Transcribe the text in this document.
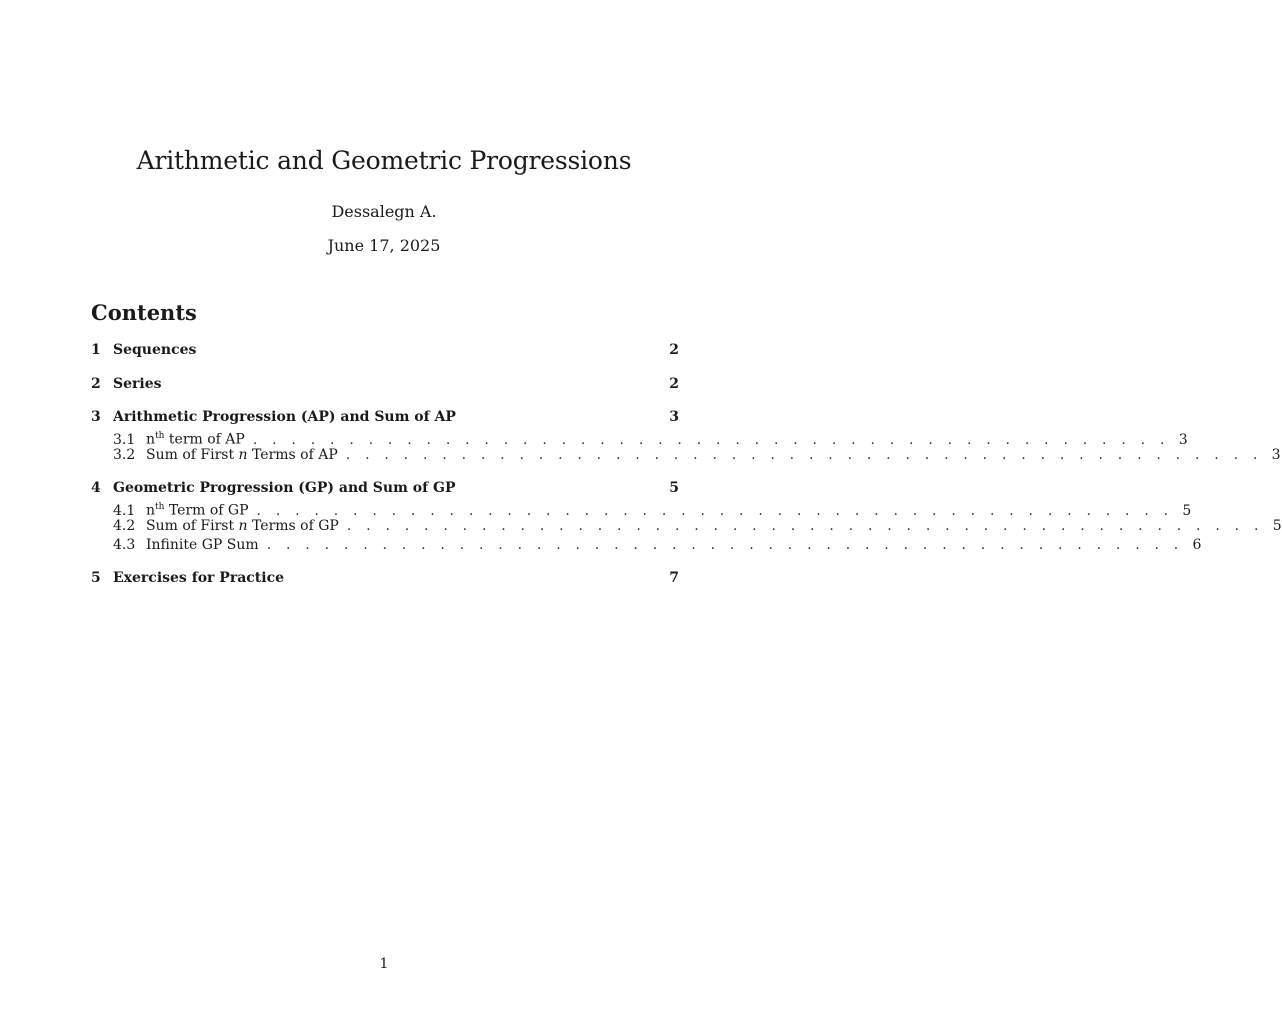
Arithmetic and Geometric Progressions
Dessalegn A.
June 17, 2025
Contents
1 Sequences	2
2 Series	2
3 Arithmetic Progression (AP) and Sum of AP	3
3.1 $n^{th}$ term of AP . . . . . . . . . . . . . . . . . . . . . . . . . . . . . . . . . . . . . . . . . . . . . . . . 3
3.2 Sum of First n Terms of AP . . . . . . . . . . . . . . . . . . . . . . . . . . . . . . . . . . . . . . . . . . . . . . . . 3
4 Geometric Progression (GP) and Sum of GP	5
4.1 $n^{th}$ Term of GP . . . . . . . . . . . . . . . . . . . . . . . . . . . . . . . . . . . . . . . . . . . . . . . . 5
4.2 Sum of First n Terms of GP . . . . . . . . . . . . . . . . . . . . . . . . . . . . . . . . . . . . . . . . . . . . . . . . 5
4.3 Infinite GP Sum . . . . . . . . . . . . . . . . . . . . . . . . . . . . . . . . . . . . . . . . . . . . . . . . 6
5 Exercises for Practice	7
1
